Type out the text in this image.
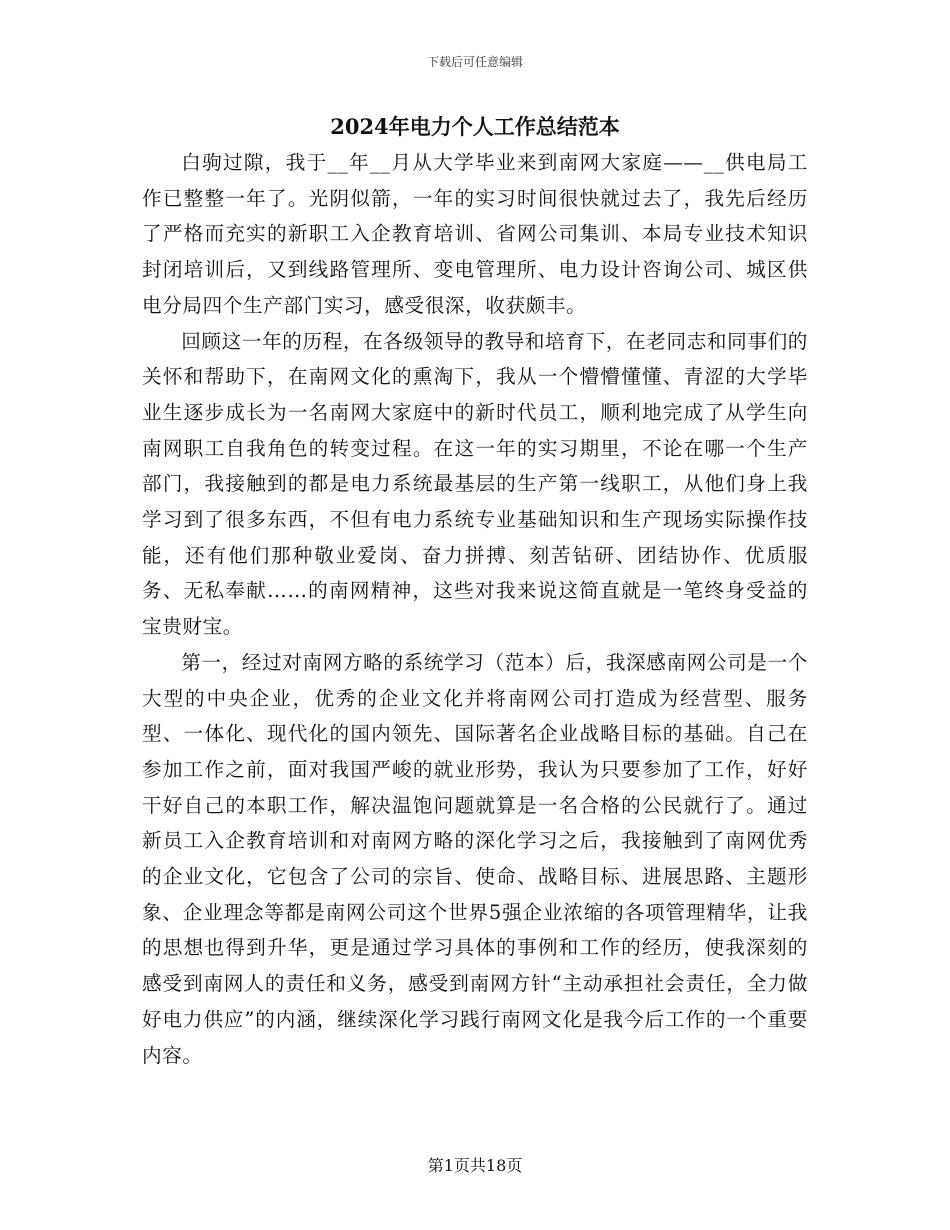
下载后可任意编辑
2024年电力个人工作总结范本

白驹过隙，我于__年__月从大学毕业来到南网大家庭——__供电局工作已整整一年了。光阴似箭，一年的实习时间很快就过去了，我先后经历了严格而充实的新职工入企教育培训、省网公司集训、本局专业技术知识封闭培训后，又到线路管理所、变电管理所、电力设计咨询公司、城区供电分局四个生产部门实习，感受很深，收获颇丰。

回顾这一年的历程，在各级领导的教导和培育下，在老同志和同事们的关怀和帮助下，在南网文化的熏淘下，我从一个懵懵懂懂、青涩的大学毕业生逐步成长为一名南网大家庭中的新时代员工，顺利地完成了从学生向南网职工自我角色的转变过程。在这一年的实习期里，不论在哪一个生产部门，我接触到的都是电力系统最基层的生产第一线职工，从他们身上我学习到了很多东西，不但有电力系统专业基础知识和生产现场实际操作技能，还有他们那种敬业爱岗、奋力拼搏、刻苦钻研、团结协作、优质服务、无私奉献……的南网精神，这些对我来说这简直就是一笔终身受益的宝贵财宝。

第一，经过对南网方略的系统学习（范本）后，我深感南网公司是一个大型的中央企业，优秀的企业文化并将南网公司打造成为经营型、服务型、一体化、现代化的国内领先、国际著名企业战略目标的基础。自己在参加工作之前，面对我国严峻的就业形势，我认为只要参加了工作，好好干好自己的本职工作，解决温饱问题就算是一名合格的公民就行了。通过新员工入企教育培训和对南网方略的深化学习之后，我接触到了南网优秀的企业文化，它包含了公司的宗旨、使命、战略目标、进展思路、主题形象、企业理念等都是南网公司这个世界5强企业浓缩的各项管理精华，让我的思想也得到升华，更是通过学习具体的事例和工作的经历，使我深刻的感受到南网人的责任和义务，感受到南网方针“主动承担社会责任，全力做好电力供应”的内涵，继续深化学习践行南网文化是我今后工作的一个重要内容。

第1页共18页
